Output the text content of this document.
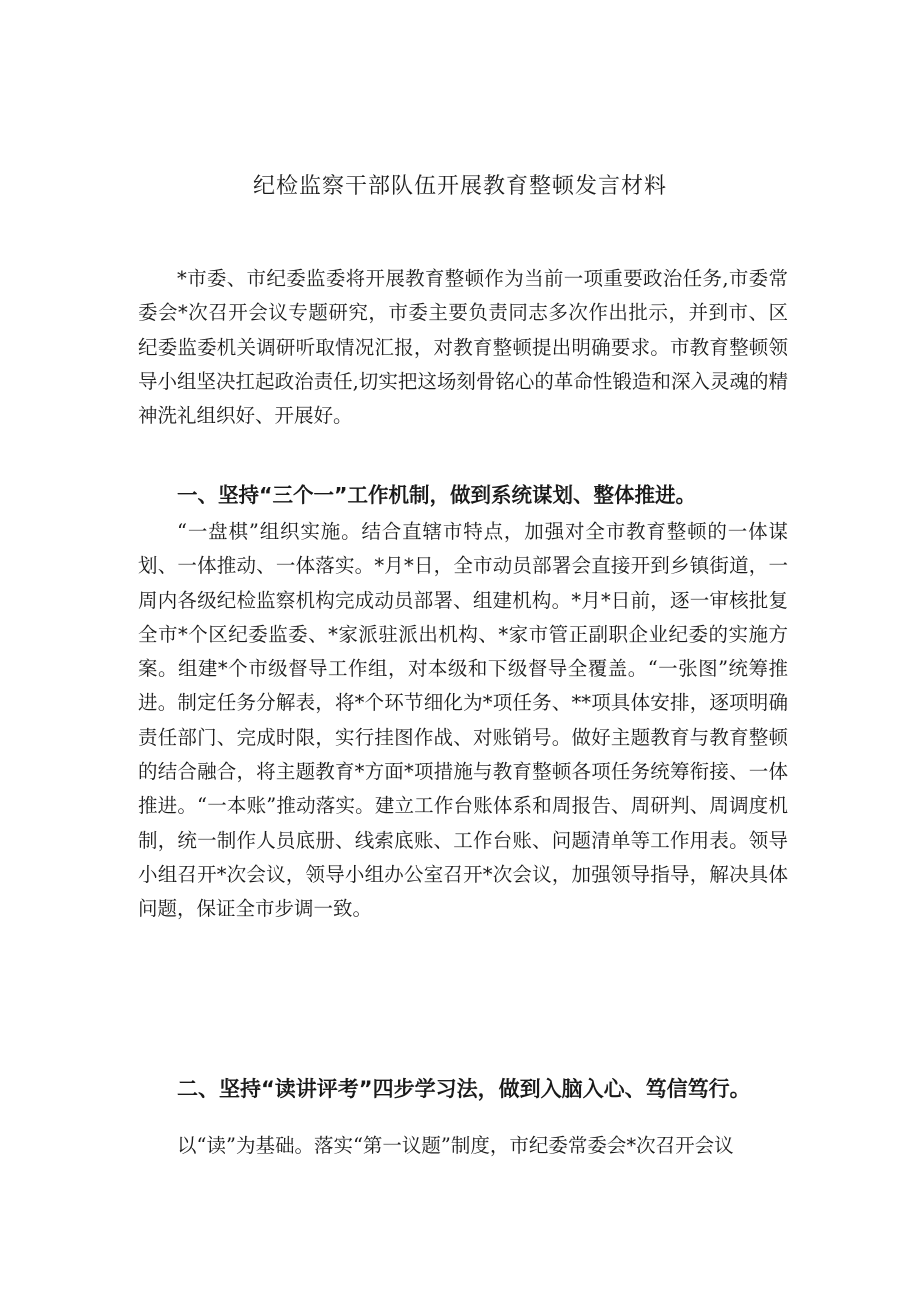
纪检监察干部队伍开展教育整顿发言材料

*市委、市纪委监委将开展教育整顿作为当前一项重要政治任务,市委常委会*次召开会议专题研究，市委主要负责同志多次作出批示，并到市、区纪委监委机关调研听取情况汇报，对教育整顿提出明确要求。市教育整顿领导小组坚决扛起政治责任,切实把这场刻骨铭心的革命性锻造和深入灵魂的精神洗礼组织好、开展好。

一、坚持“三个一”工作机制，做到系统谋划、整体推进。

“一盘棋”组织实施。结合直辖市特点，加强对全市教育整顿的一体谋划、一体推动、一体落实。*月*日，全市动员部署会直接开到乡镇街道，一周内各级纪检监察机构完成动员部署、组建机构。*月*日前，逐一审核批复全市*个区纪委监委、*家派驻派出机构、*家市管正副职企业纪委的实施方案。组建*个市级督导工作组，对本级和下级督导全覆盖。“一张图”统筹推进。制定任务分解表，将*个环节细化为*项任务、**项具体安排，逐项明确责任部门、完成时限，实行挂图作战、对账销号。做好主题教育与教育整顿的结合融合，将主题教育*方面*项措施与教育整顿各项任务统筹衔接、一体推进。“一本账”推动落实。建立工作台账体系和周报告、周研判、周调度机制，统一制作人员底册、线索底账、工作台账、问题清单等工作用表。领导小组召开*次会议，领导小组办公室召开*次会议，加强领导指导，解决具体问题，保证全市步调一致。

二、坚持“读讲评考”四步学习法，做到入脑入心、笃信笃行。

以“读”为基础。落实“第一议题”制度，市纪委常委会*次召开会议
